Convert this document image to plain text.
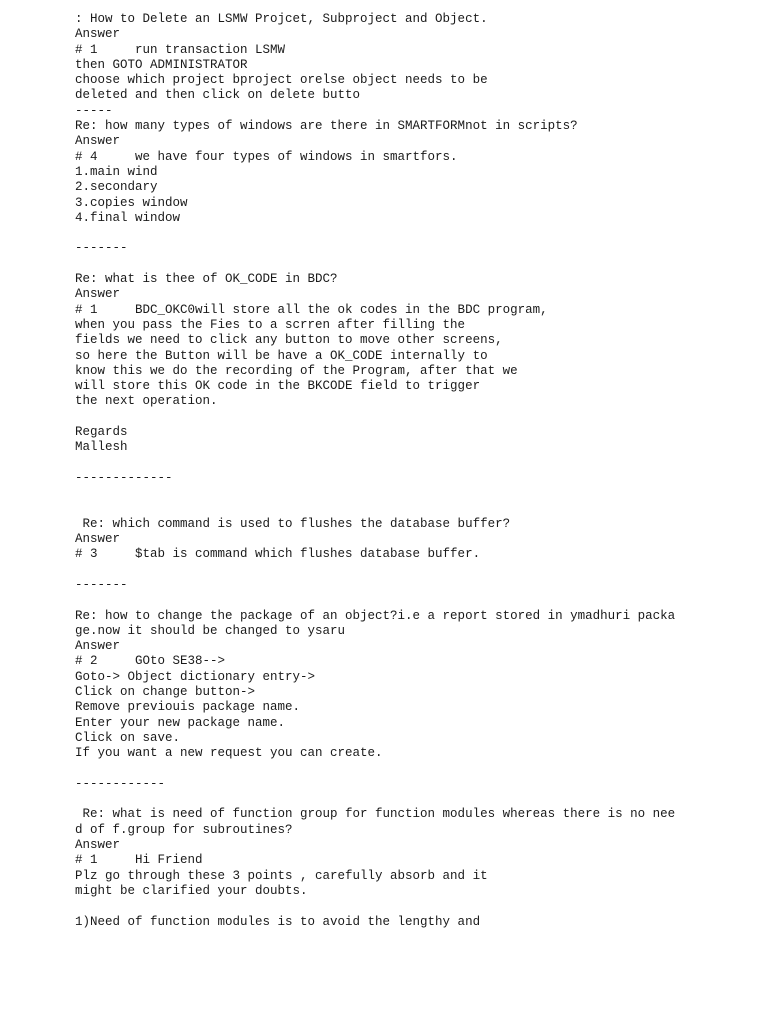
: How to Delete an LSMW Projcet, Subproject and Object.
Answer
# 1     run transaction LSMW
then GOTO ADMINISTRATOR
choose which project bproject orelse object needs to be
deleted and then click on delete butto
-----
Re: how many types of windows are there in SMARTFORMnot in scripts?
Answer
# 4     we have four types of windows in smartfors.
1.main wind
2.secondary
3.copies window
4.final window
-------
Re: what is thee of OK_CODE in BDC?
Answer
# 1     BDC_OKC0will store all the ok codes in the BDC program,
when you pass the Fies to a scrren after filling the
fields we need to click any button to move other screens,
so here the Button will be have a OK_CODE internally to
know this we do the recording of the Program, after that we
will store this OK code in the BKCODE field to trigger
the next operation.
Regards
Mallesh
-------------
Re: which command is used to flushes the database buffer?
Answer
# 3     $tab is command which flushes database buffer.
-------
Re: how to change the package of an object?i.e a report stored in ymadhuri packa
ge.now it should be changed to ysaru
Answer
# 2     GOto SE38-->
Goto-> Object dictionary entry->
Click on change button->
Remove previouis package name.
Enter your new package name.
Click on save.
If you want a new request you can create.
------------
Re: what is need of function group for function modules whereas there is no nee
d of f.group for subroutines?
Answer
# 1     Hi Friend
Plz go through these 3 points , carefully absorb and it
might be clarified your doubts.
1)Need of function modules is to avoid the lengthy and
